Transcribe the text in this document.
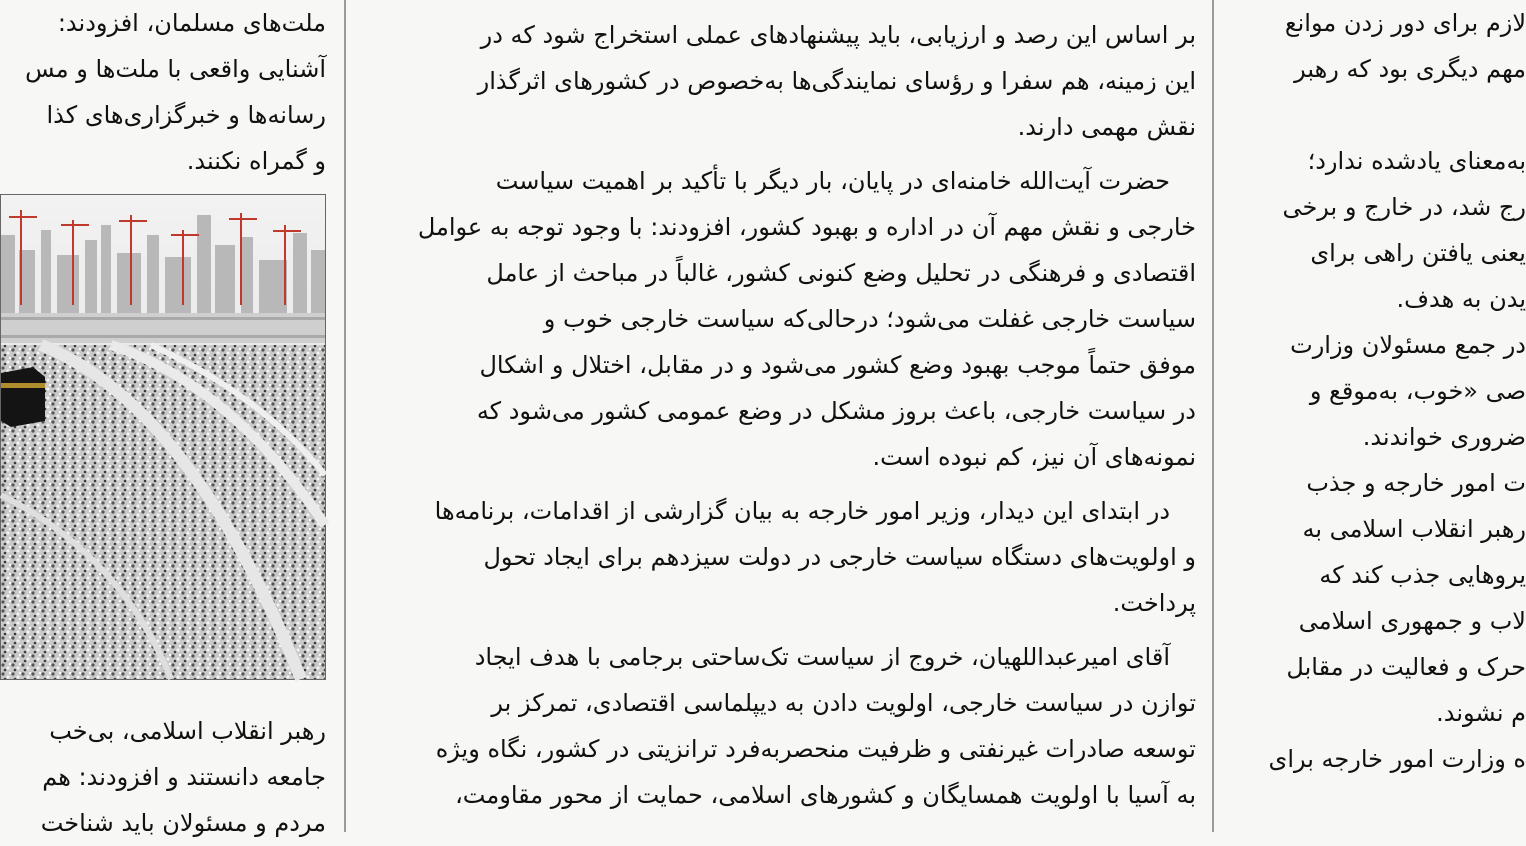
ملت‌های مسلمان، افزودند:

آشنایی واقعی با ملت‌ها و مس

رسانه‌ها و خبرگزاری‌های کذا

و گمراه نکنند.

رهبر انقلاب اسلامی، بی‌خب

جامعه دانستند و افزودند: هم

مردم و مسئولان باید شناخت

بر اساس این رصد و ارزیابی، باید پیشنهادهای عملی استخراج شود که در

این زمینه، هم سفرا و رؤسای نمایندگی‌ها به‌خصوص در کشورهای اثرگذار

نقش مهمی دارند.

حضرت آیت‌الله خامنه‌ای در پایان، بار دیگر با تأکید بر اهمیت سیاست

خارجی و نقش مهم آن در اداره و بهبود کشور، افزودند: با وجود توجه به عوامل

اقتصادی و فرهنگی در تحلیل وضع کنونی کشور، غالباً در مباحث از عامل

سیاست خارجی غفلت می‌شود؛ درحالی‌که سیاست خارجی خوب و

موفق حتماً موجب بهبود وضع کشور می‌شود و در مقابل، اختلال و اشکال

در سیاست خارجی، باعث بروز مشکل در وضع عمومی کشور می‌شود که

نمونه‌های آن نیز، کم نبوده است.

در ابتدای این دیدار، وزیر امور خارجه به بیان گزارشی از اقدامات، برنامه‌ها

و اولویت‌های دستگاه سیاست خارجی در دولت سیزدهم برای ایجاد تحول

پرداخت.

آقای امیرعبداللهیان، خروج از سیاست تک‌ساحتی برجامی با هدف ایجاد

توازن در سیاست خارجی، اولویت دادن به دیپلماسی اقتصادی، تمرکز بر

توسعه صادرات غیرنفتی و ظرفیت منحصربه‌فرد ترانزیتی در کشور، نگاه ویژه

به آسیا با اولویت همسایگان و کشورهای اسلامی، حمایت از محور مقاومت،

لازم برای دور زدن موانع

مهم دیگری بود که رهبر

به‌معنای یادشده ندارد؛

رج شد، در خارج و برخی

یعنی یافتن راهی برای

یدن به هدف.

در جمع مسئولان وزارت

صی «خوب، به‌موقع و

ضروری خواندند.

ت امور خارجه و جذب

رهبر انقلاب اسلامی به

یروهایی جذب کند که

لاب و جمهوری اسلامی

حرک و فعالیت در مقابل

م نشوند.

ه وزارت امور خارجه برای
